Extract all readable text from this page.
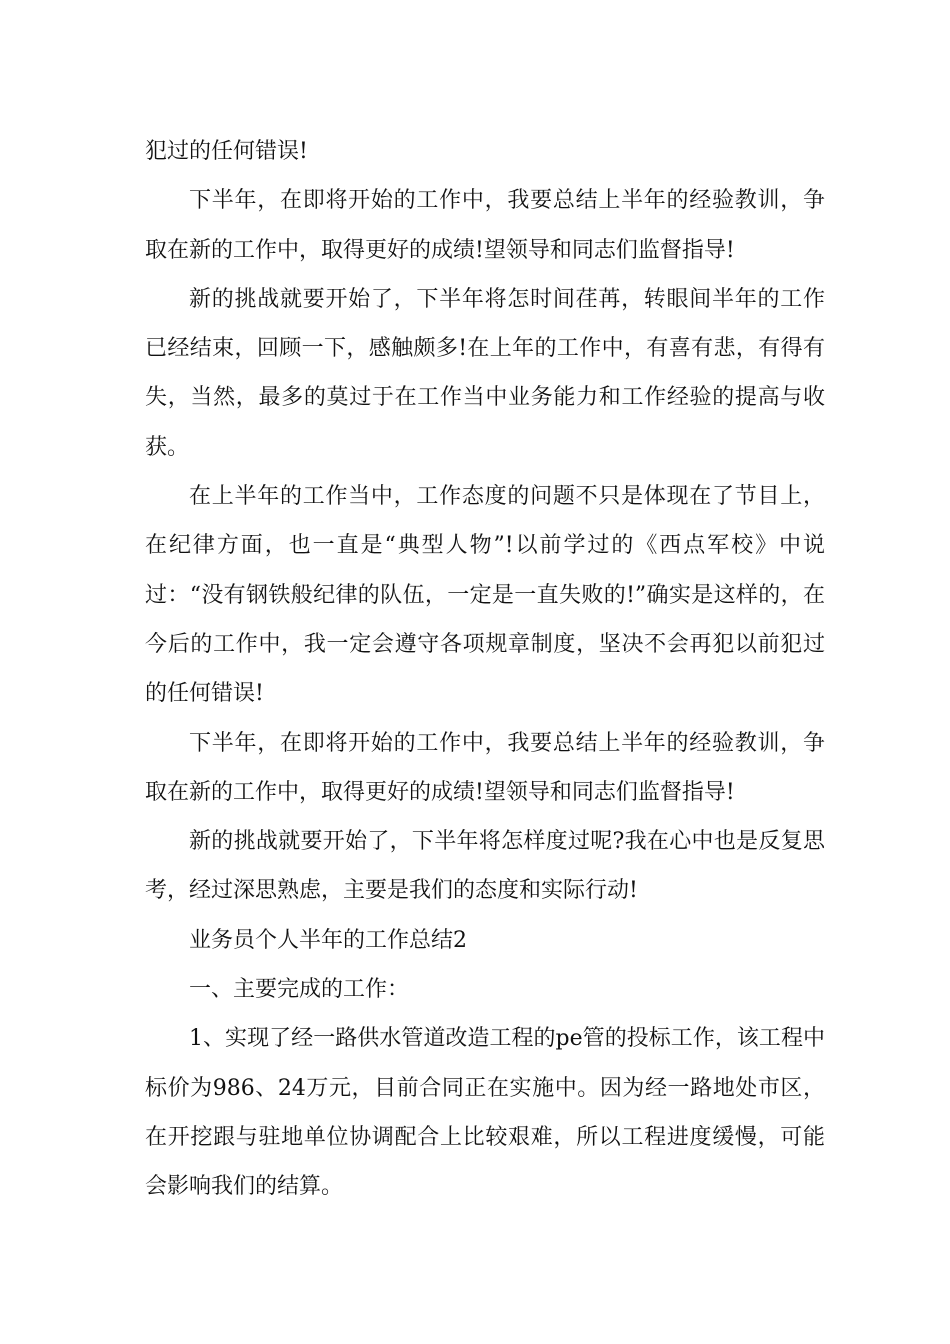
犯过的任何错误!

下半年，在即将开始的工作中，我要总结上半年的经验教训，争取在新的工作中，取得更好的成绩!望领导和同志们监督指导!

新的挑战就要开始了，下半年将怎时间荏苒，转眼间半年的工作已经结束，回顾一下，感触颇多!在上年的工作中，有喜有悲，有得有失，当然，最多的莫过于在工作当中业务能力和工作经验的提高与收获。

在上半年的工作当中，工作态度的问题不只是体现在了节目上，在纪律方面，也一直是“典型人物”!以前学过的《西点军校》中说过：“没有钢铁般纪律的队伍，一定是一直失败的!”确实是这样的，在今后的工作中，我一定会遵守各项规章制度，坚决不会再犯以前犯过的任何错误!

下半年，在即将开始的工作中，我要总结上半年的经验教训，争取在新的工作中，取得更好的成绩!望领导和同志们监督指导!

新的挑战就要开始了，下半年将怎样度过呢?我在心中也是反复思考，经过深思熟虑，主要是我们的态度和实际行动!

业务员个人半年的工作总结2

一、主要完成的工作：

1、实现了经一路供水管道改造工程的pe管的投标工作，该工程中标价为986、24万元，目前合同正在实施中。因为经一路地处市区，在开挖跟与驻地单位协调配合上比较艰难，所以工程进度缓慢，可能会影响我们的结算。
